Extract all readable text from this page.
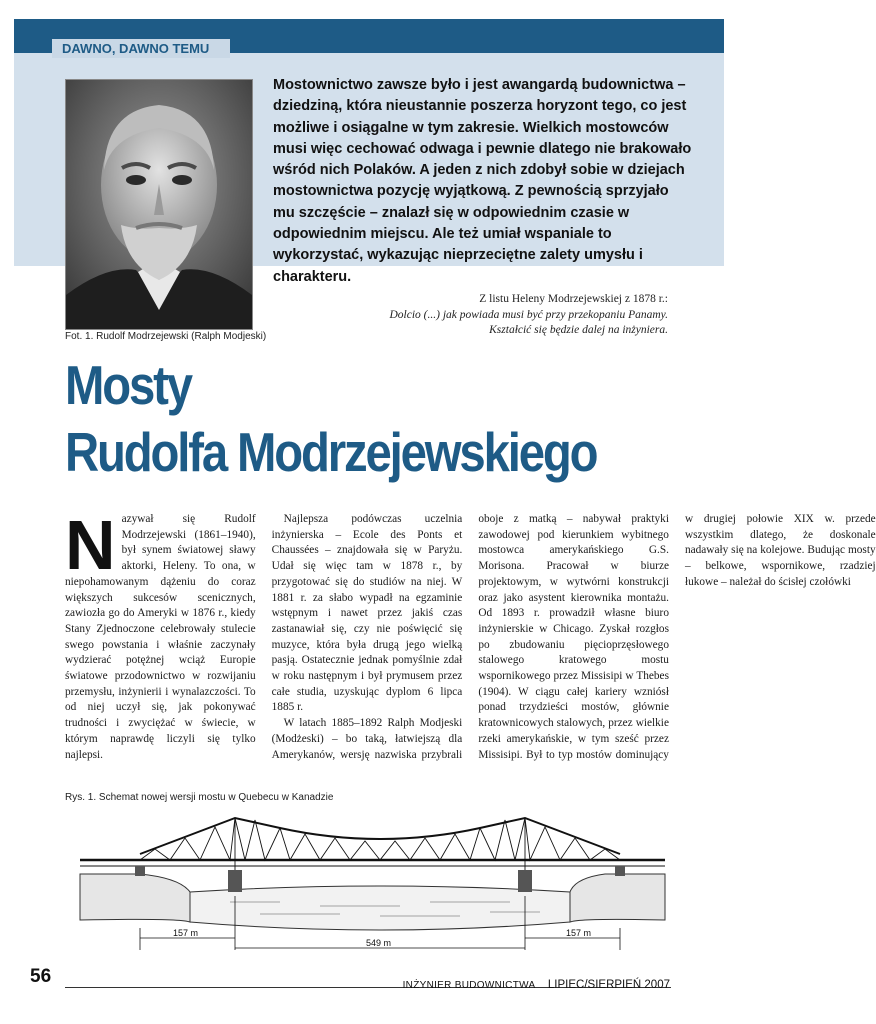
DAWNO, DAWNO TEMU

Mostownictwo zawsze było i jest awangardą budownictwa – dziedziną, która nieustannie poszerza horyzont tego, co jest możliwe i osiągalne w tym zakresie. Wielkich mostowców musi więc cechować odwaga i pewnie dlatego nie brakowało wśród nich Polaków. A jeden z nich zdobył sobie w dziejach mostownictwa pozycję wyjątkową. Z pewnością sprzyjało mu szczęście – znalazł się w odpowiednim czasie w odpowiednim miejscu. Ale też umiał wspaniale to wykorzystać, wykazując nieprzeciętne zalety umysłu i charakteru.

Fot. 1. Rudolf Modrzejewski (Ralph Modjeski)
Z listu Heleny Modrzejewskiej z 1878 r.:
Dolcio (...) jak powiada musi być przy przekopaniu Panamy. Kształcić się będzie dalej na inżyniera.
Mosty
Rudolfa Modrzejewskiego

Nazywał się Rudolf Modrzejewski (1861–1940), był synem światowej sławy aktorki, Heleny. To ona, w niepohamowanym dążeniu do coraz większych sukcesów scenicznych, zawiozła go do Ameryki w 1876 r., kiedy Stany Zjednoczone celebrowały stulecie swego powstania i właśnie zaczynały wydzierać potężnej wciąż Europie światowe przodownictwo w rozwijaniu przemysłu, inżynierii i wynalazczości. To od niej uczył się, jak pokonywać trudności i zwyciężać w świecie, w którym naprawdę liczyli się tylko najlepsi.

Najlepsza podówczas uczelnia inżynierska – Ecole des Ponts et Chaussées – znajdowała się w Paryżu. Udał się więc tam w 1878 r., by przygotować się do studiów na niej. W 1881 r. za słabo wypadł na egzaminie wstępnym i nawet przez jakiś czas zastanawiał się, czy nie poświęcić się muzyce, która była drugą jego wielką pasją. Ostatecznie jednak pomyślnie zdał w roku następnym i był prymusem przez całe studia, uzyskując dyplom 6 lipca 1885 r.

W latach 1885–1892 Ralph Modjeski (Modżeski) – bo taką, łatwiejszą dla Amerykanów, wersję nazwiska przybrali oboje z matką – nabywał praktyki zawodowej pod kierunkiem wybitnego mostowca amerykańskiego G.S. Morisona. Pracował w biurze projektowym, w wytwórni konstrukcji oraz jako asystent kierownika montażu. Od 1893 r. prowadził własne biuro inżynierskie w Chicago. Zyskał rozgłos po zbudowaniu pięcioprzęsłowego stalowego kratowego mostu wspornikowego przez Missisipi w Thebes (1904). W ciągu całej kariery wzniósł ponad trzydzieści mostów, głównie kratownicowych stalowych, przez wielkie rzeki amerykańskie, w tym sześć przez Missisipi. Był to typ mostów dominujący w drugiej połowie XIX w. przede wszystkim dlatego, że doskonale nadawały się na kolejowe. Budując mosty – belkowe, wspornikowe, rzadziej łukowe – należał do ścisłej czołówki

Rys. 1. Schemat nowej wersji mostu w Quebecu w Kanadzie
157 m
549 m
157 m
56	INŻYNIER BUDOWNICTWA LIPIEC/SIERPIEŃ 2007
